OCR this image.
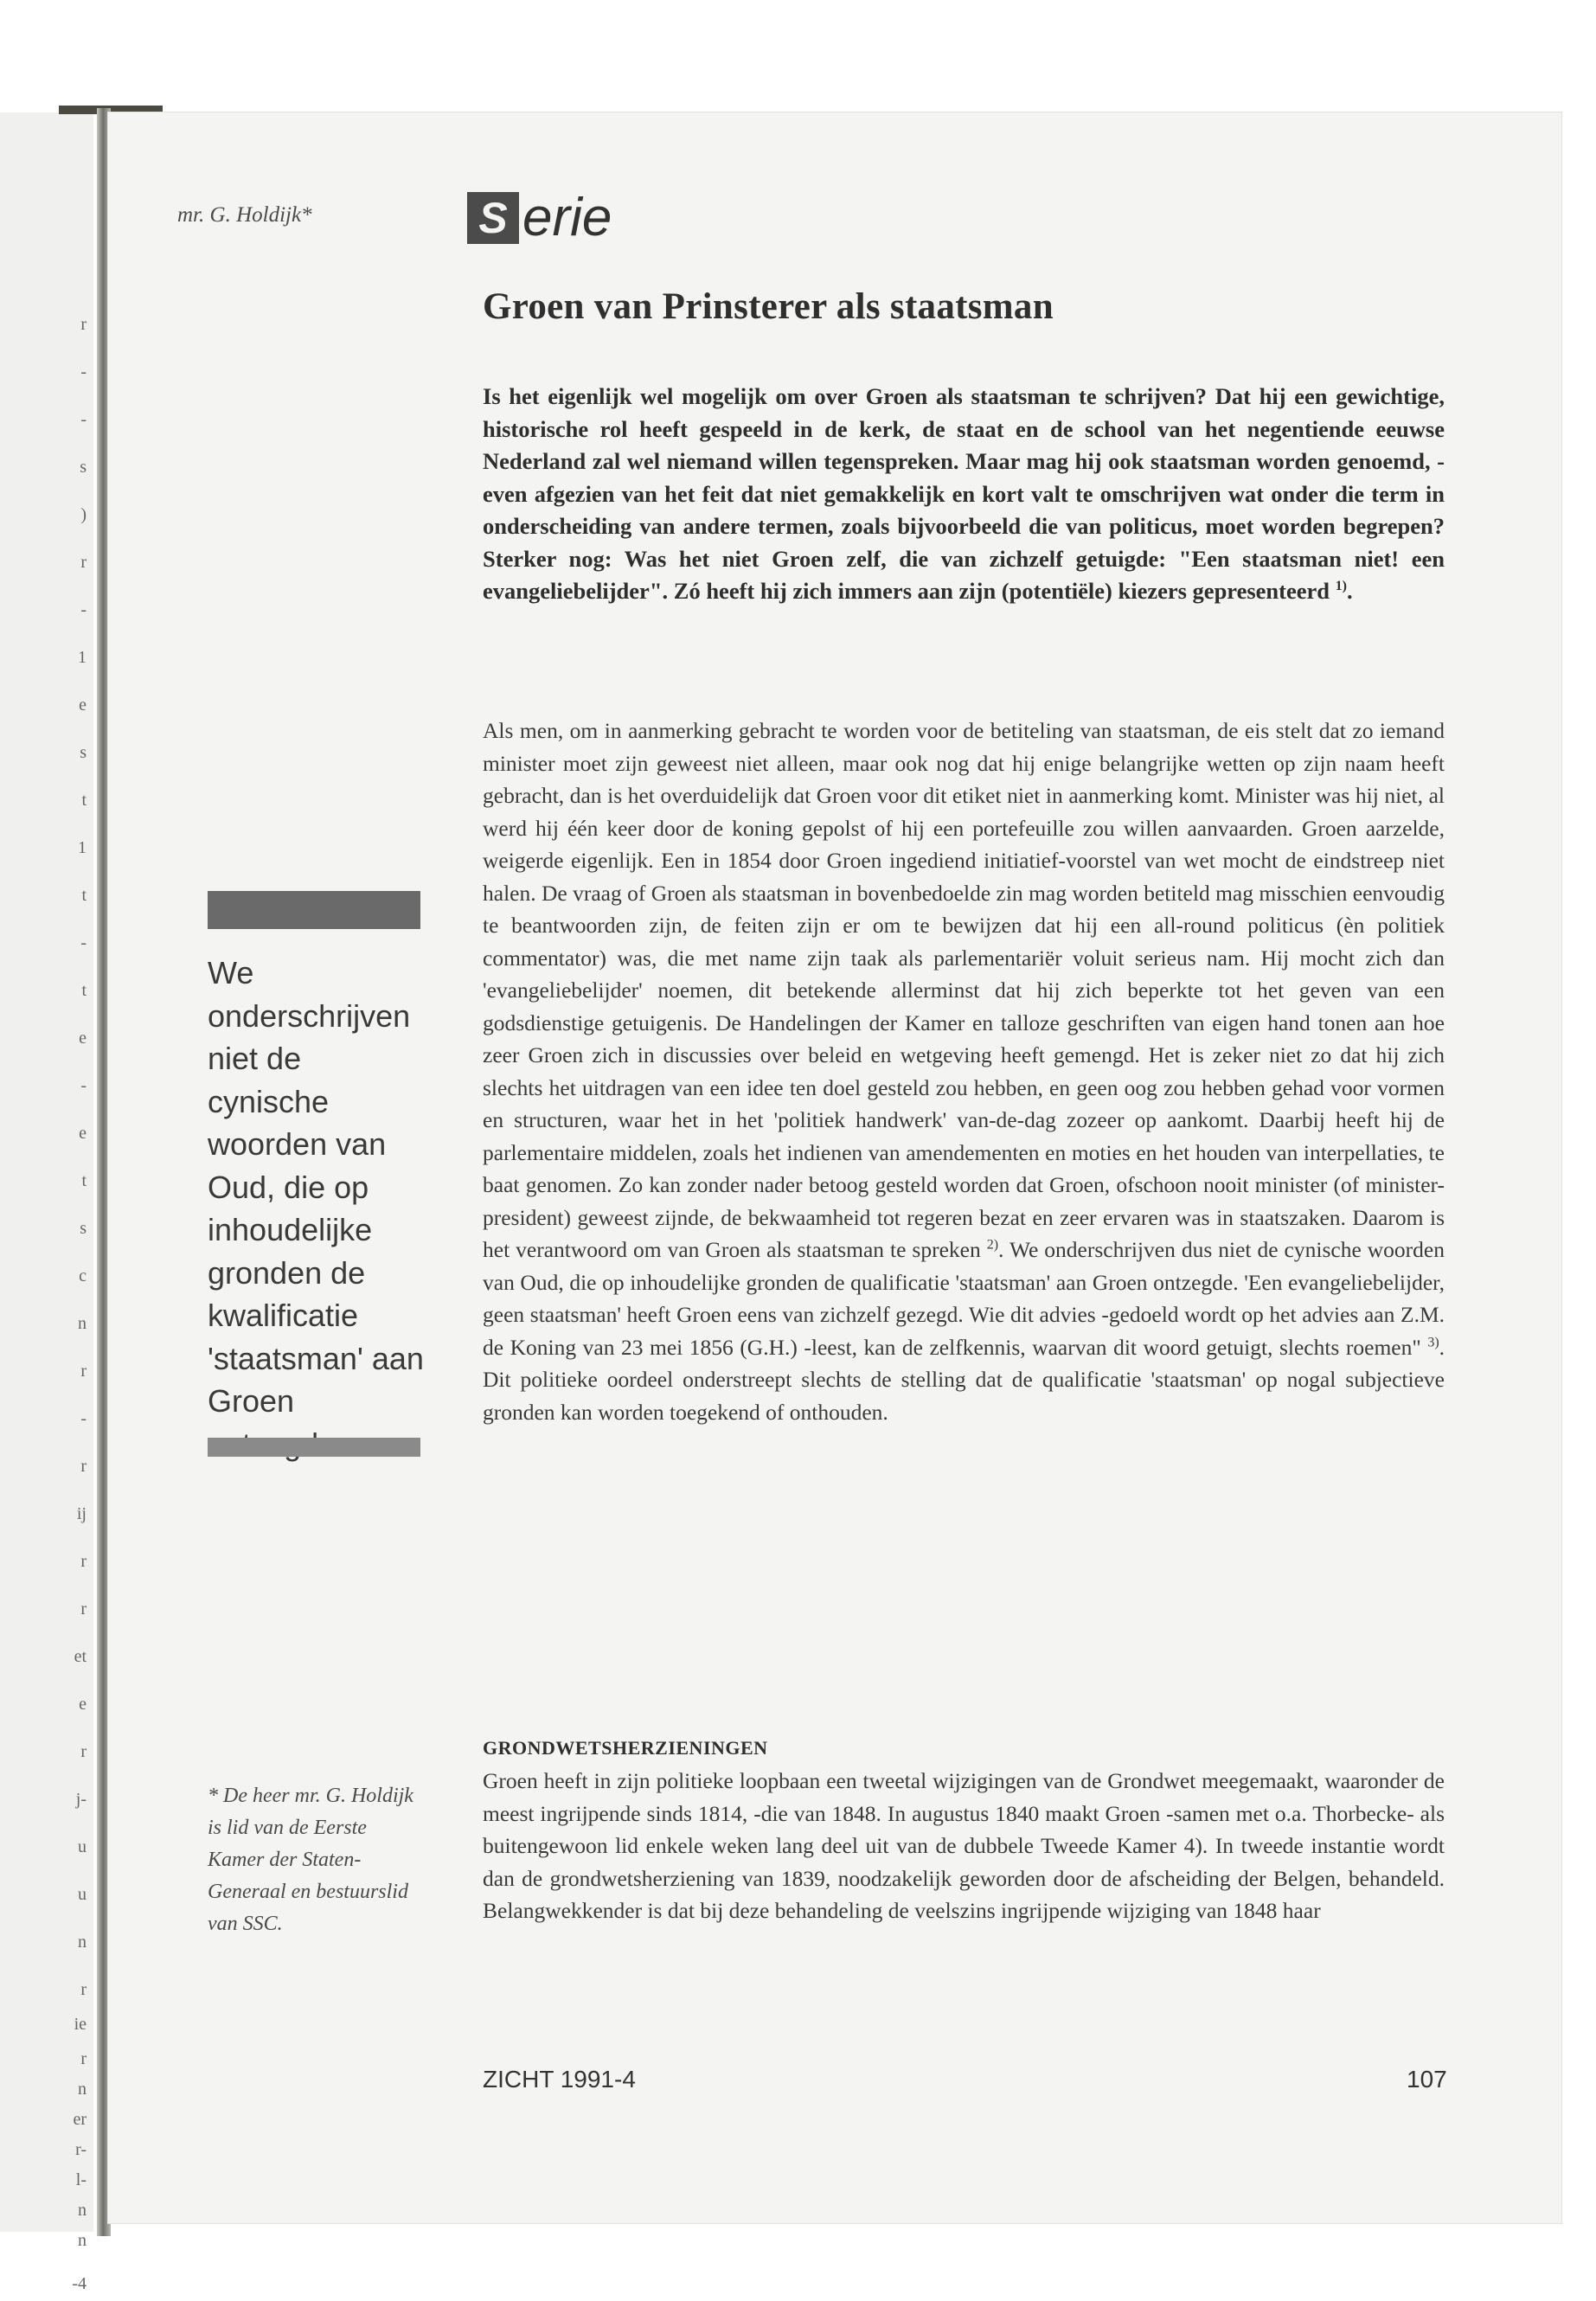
r
-
-
s
)
r
-
1
e
s
t
1
t
-
t
e
-
e
t
s
c
n
r
-
r
ij
r
r
et
e
r
j-
u
u
n
r
ie
r
n
er
r-
l-
n
n
-4
mr. G. Holdijk*	S erie
Groen van Prinsterer als staatsman

Is het eigenlijk wel mogelijk om over Groen als staatsman te schrijven? Dat hij een gewichtige, historische rol heeft gespeeld in de kerk, de staat en de school van het negentiende eeuwse Nederland zal wel niemand willen tegenspreken. Maar mag hij ook staatsman worden genoemd, -even afgezien van het feit dat niet gemakkelijk en kort valt te omschrijven wat onder die term in onderscheiding van andere termen, zoals bijvoorbeeld die van politicus, moet worden begrepen? Sterker nog: Was het niet Groen zelf, die van zichzelf getuigde: "Een staatsman niet! een evangeliebelijder". Zó heeft hij zich immers aan zijn (potentiële) kiezers gepresenteerd $^{1)}$.

Als men, om in aanmerking gebracht te worden voor de betiteling van staatsman, de eis stelt dat zo iemand minister moet zijn geweest niet alleen, maar ook nog dat hij enige belangrijke wetten op zijn naam heeft gebracht, dan is het overduidelijk dat Groen voor dit etiket niet in aanmerking komt. Minister was hij niet, al werd hij één keer door de koning gepolst of hij een portefeuille zou willen aanvaarden. Groen aarzelde, weigerde eigenlijk. Een in 1854 door Groen ingediend initiatief-voorstel van wet mocht de eindstreep niet halen. De vraag of Groen als staatsman in bovenbedoelde zin mag worden betiteld mag misschien eenvoudig te beantwoorden zijn, de feiten zijn er om te bewijzen dat hij een all-round politicus (èn politiek commentator) was, die met name zijn taak als parlementariër voluit serieus nam. Hij mocht zich dan 'evangeliebelijder' noemen, dit betekende allerminst dat hij zich beperkte tot het geven van een godsdienstige getuigenis. De Handelingen der Kamer en talloze geschriften van eigen hand tonen aan hoe zeer Groen zich in discussies over beleid en wetgeving heeft gemengd. Het is zeker niet zo dat hij zich slechts het uitdragen van een idee ten doel gesteld zou hebben, en geen oog zou hebben gehad voor vormen en structuren, waar het in het 'politiek handwerk' van-de-dag zozeer op aankomt. Daarbij heeft hij de parlementaire middelen, zoals het indienen van amendementen en moties en het houden van interpellaties, te baat genomen. Zo kan zonder nader betoog gesteld worden dat Groen, ofschoon nooit minister (of minister-president) geweest zijnde, de bekwaamheid tot regeren bezat en zeer ervaren was in staatszaken. Daarom is het verantwoord om van Groen als staatsman te spreken $^{2)}$. We onderschrijven dus niet de cynische woorden van Oud, die op inhoudelijke gronden de qualificatie 'staatsman' aan Groen ontzegde. 'Een evangeliebelijder, geen staatsman' heeft Groen eens van zichzelf gezegd. Wie dit advies -gedoeld wordt op het advies aan Z.M. de Koning van 23 mei 1856 (G.H.) -leest, kan de zelfkennis, waarvan dit woord getuigt, slechts roemen" $^{3)}$. Dit politieke oordeel onderstreept slechts de stelling dat de qualificatie 'staatsman' op nogal subjectieve gronden kan worden toegekend of onthouden.

GRONDWETSHERZIENINGEN

Groen heeft in zijn politieke loopbaan een tweetal wijzigingen van de Grondwet meegemaakt, waaronder de meest ingrijpende sinds 1814, -die van 1848. In augustus 1840 maakt Groen -samen met o.a. Thorbecke- als buitengewoon lid enkele weken lang deel uit van de dubbele Tweede Kamer 4). In tweede instantie wordt dan de grondwetsherziening van 1839, noodzakelijk geworden door de afscheiding der Belgen, behandeld. Belangwekkender is dat bij deze behandeling de veelszins ingrijpende wijziging van 1848 haar

We onderschrijven niet de cynische woorden van Oud, die op inhoudelijke gronden de kwalificatie 'staatsman' aan Groen

* De heer mr. G. Holdijk is lid van de Eerste Kamer der Staten-Generaal en bestuurslid van SSC.

ZICHT 1991-4	107
